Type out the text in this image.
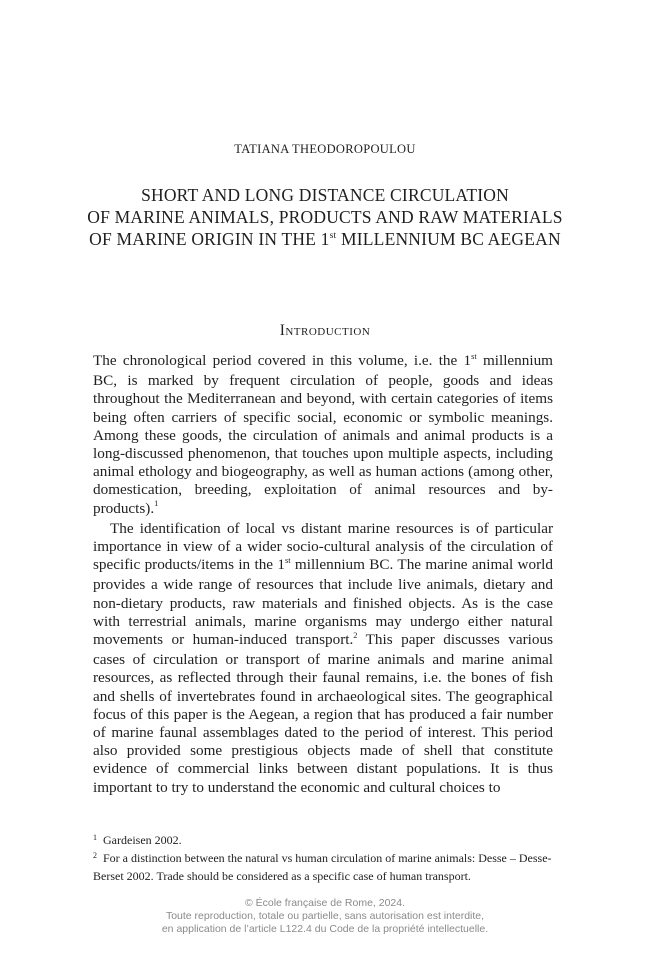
TATIANA THEODOROPOULOU
SHORT AND LONG DISTANCE CIRCULATION
OF MARINE ANIMALS, PRODUCTS AND RAW MATERIALS
OF MARINE ORIGIN IN THE 1st MILLENNIUM BC AEGEAN
Introduction

The chronological period covered in this volume, i.e. the 1st millennium BC, is marked by frequent circulation of people, goods and ideas throughout the Mediterranean and beyond, with certain categories of items being often carriers of specific social, economic or symbolic meanings. Among these goods, the circulation of animals and animal products is a long-discussed phenomenon, that touches upon multiple aspects, including animal ethology and biogeography, as well as human actions (among other, domestication, breeding, exploitation of animal resources and by-products).$^1$

The identification of local vs distant marine resources is of particular importance in view of a wider socio-cultural analysis of the circulation of specific products/items in the 1st millennium BC. The marine animal world provides a wide range of resources that include live animals, dietary and non-dietary products, raw materials and finished objects. As is the case with terrestrial animals, marine organisms may undergo either natural movements or human-induced transport.$^2$ This paper discusses various cases of circulation or transport of marine animals and marine animal resources, as reflected through their faunal remains, i.e. the bones of fish and shells of invertebrates found in archaeological sites. The geographical focus of this paper is the Aegean, a region that has produced a fair number of marine faunal assemblages dated to the period of interest. This period also provided some prestigious objects made of shell that constitute evidence of commercial links between distant populations. It is thus important to try to understand the economic and cultural choices to

$^1$ Gardeisen 2002.
$^2$ For a distinction between the natural vs human circulation of marine animals: Desse – Desse-Berset 2002. Trade should be considered as a specific case of human transport.
© École française de Rome, 2024.
Toute reproduction, totale ou partielle, sans autorisation est interdite,
en application de l’article L122.4 du Code de la propriété intellectuelle.
